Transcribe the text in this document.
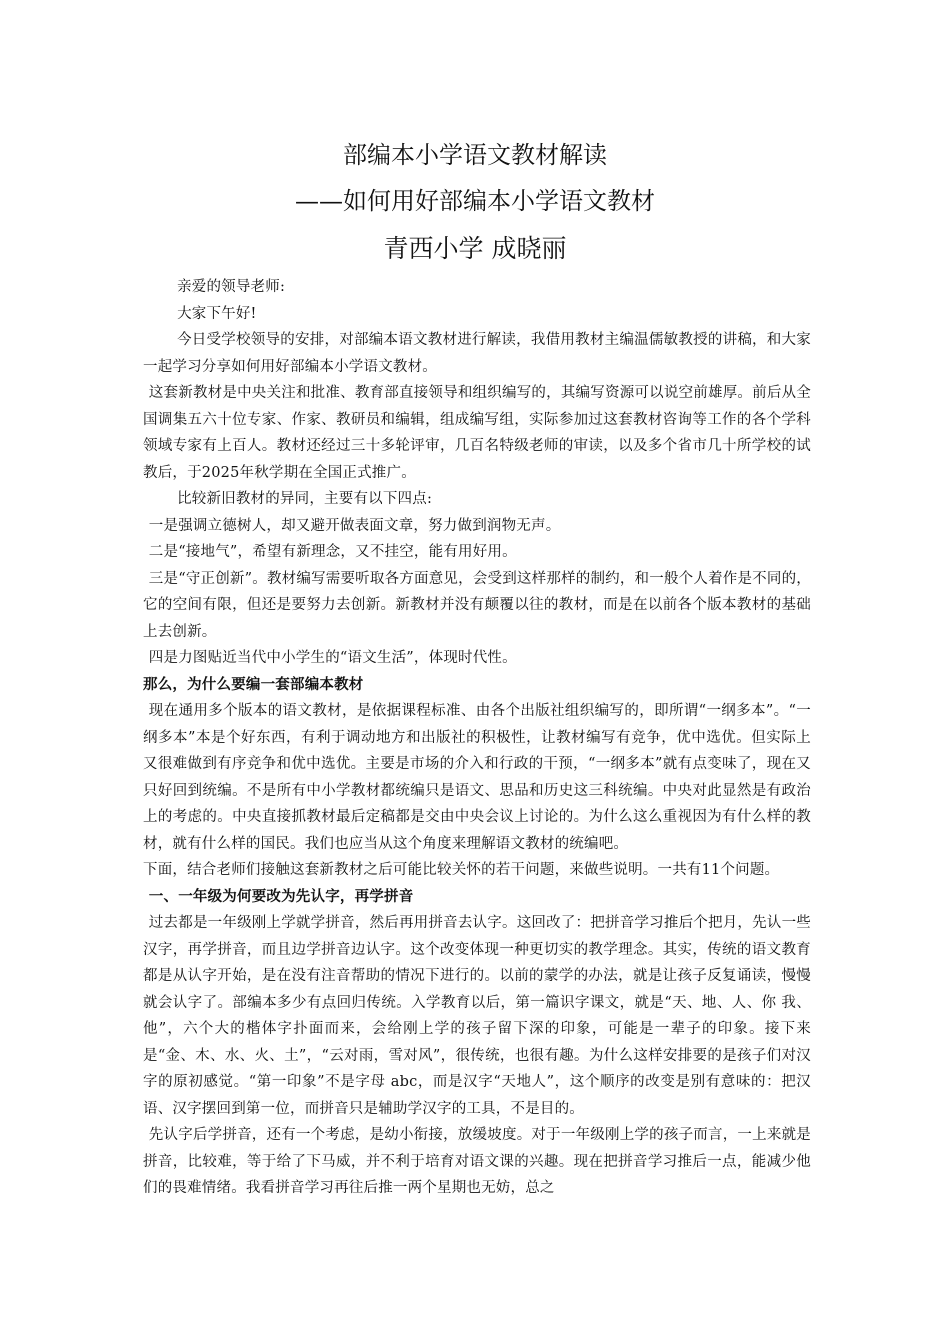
部编本小学语文教材解读

——如何用好部编本小学语文教材

青西小学 成晓丽

亲爱的领导老师:

大家下午好!

今日受学校领导的安排，对部编本语文教材进行解读，我借用教材主编温儒敏教授的讲稿，和大家一起学习分享如何用好部编本小学语文教材。

这套新教材是中央关注和批准、教育部直接领导和组织编写的，其编写资源可以说空前雄厚。前后从全国调集五六十位专家、作家、教研员和编辑，组成编写组，实际参加过这套教材咨询等工作的各个学科领域专家有上百人。教材还经过三十多轮评审，几百名特级老师的审读，以及多个省市几十所学校的试教后，于2025年秋学期在全国正式推广。

比较新旧教材的异同，主要有以下四点:

一是强调立德树人，却又避开做表面文章，努力做到润物无声。

二是“接地气”，希望有新理念，又不挂空，能有用好用。

三是“守正创新”。教材编写需要听取各方面意见，会受到这样那样的制约，和一般个人着作是不同的，它的空间有限，但还是要努力去创新。新教材并没有颠覆以往的教材，而是在以前各个版本教材的基础上去创新。

四是力图贴近当代中小学生的“语文生活”，体现时代性。

那么，为什么要编一套部编本教材

现在通用多个版本的语文教材，是依据课程标准、由各个出版社组织编写的，即所谓“一纲多本”。“一纲多本”本是个好东西，有利于调动地方和出版社的积极性，让教材编写有竞争，优中选优。但实际上又很难做到有序竞争和优中选优。主要是市场的介入和行政的干预，“一纲多本”就有点变味了，现在又只好回到统编。不是所有中小学教材都统编只是语文、思品和历史这三科统编。中央对此显然是有政治上的考虑的。中央直接抓教材最后定稿都是交由中央会议上讨论的。为什么这么重视因为有什么样的教材，就有什么样的国民。我们也应当从这个角度来理解语文教材的统编吧。

下面，结合老师们接触这套新教材之后可能比较关怀的若干问题，来做些说明。一共有11个问题。

一、一年级为何要改为先认字，再学拼音

过去都是一年级刚上学就学拼音，然后再用拼音去认字。这回改了：把拼音学习推后个把月，先认一些汉字，再学拼音，而且边学拼音边认字。这个改变体现一种更切实的教学理念。其实，传统的语文教育都是从认字开始，是在没有注音帮助的情况下进行的。以前的蒙学的办法，就是让孩子反复诵读，慢慢就会认字了。部编本多少有点回归传统。入学教育以后，第一篇识字课文，就是“天、地、人、你 我、他”，六个大的楷体字扑面而来，会给刚上学的孩子留下深的印象，可能是一辈子的印象。接下来是“金、木、水、火、土”，“云对雨，雪对风”，很传统，也很有趣。为什么这样安排要的是孩子们对汉字的原初感觉。“第一印象”不是字母 abc，而是汉字“天地人”，这个顺序的改变是别有意味的：把汉语、汉字摆回到第一位，而拼音只是辅助学汉字的工具，不是目的。

先认字后学拼音，还有一个考虑，是幼小衔接，放缓坡度。对于一年级刚上学的孩子而言，一上来就是拼音，比较难，等于给了下马威，并不利于培育对语文课的兴趣。现在把拼音学习推后一点，能减少他们的畏难情绪。我看拼音学习再往后推一两个星期也无妨，总之
